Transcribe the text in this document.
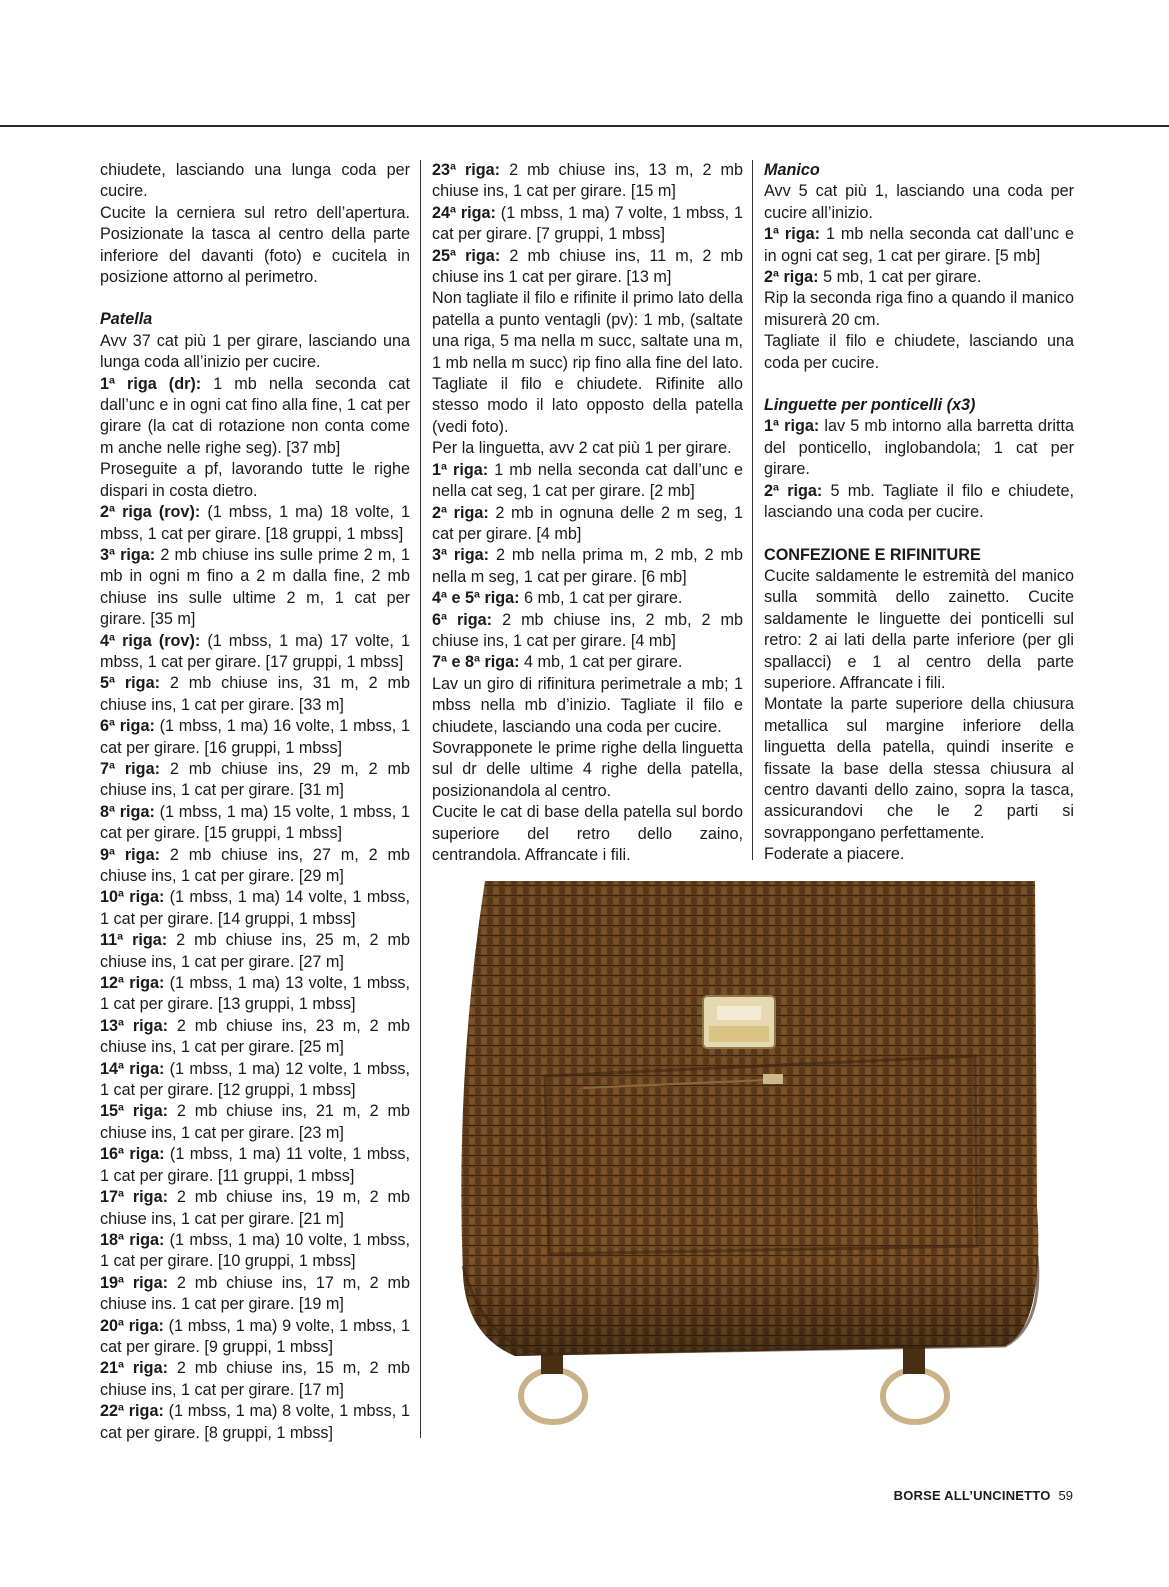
chiudete, lasciando una lunga coda per cucire.

Cucite la cerniera sul retro dell’apertura. Posizionate la tasca al centro della parte inferiore del davanti (foto) e cucitela in posizione attorno al perimetro.

Patella

Avv 37 cat più 1 per girare, lasciando una lunga coda all’inizio per cucire.

1ª riga (dr): 1 mb nella seconda cat dall’unc e in ogni cat fino alla fine, 1 cat per girare (la cat di rotazione non conta come m anche nelle righe seg). [37 mb]

Proseguite a pf, lavorando tutte le righe dispari in costa dietro.

2ª riga (rov): (1 mbss, 1 ma) 18 volte, 1 mbss, 1 cat per girare. [18 gruppi, 1 mbss]

3ª riga: 2 mb chiuse ins sulle prime 2 m, 1 mb in ogni m fino a 2 m dalla fine, 2 mb chiuse ins sulle ultime 2 m, 1 cat per girare. [35 m]

4ª riga (rov): (1 mbss, 1 ma) 17 volte, 1 mbss, 1 cat per girare. [17 gruppi, 1 mbss]

5ª riga: 2 mb chiuse ins, 31 m, 2 mb chiuse ins, 1 cat per girare. [33 m]

6ª riga: (1 mbss, 1 ma) 16 volte, 1 mbss, 1 cat per girare. [16 gruppi, 1 mbss]

7ª riga: 2 mb chiuse ins, 29 m, 2 mb chiuse ins, 1 cat per girare. [31 m]

8ª riga: (1 mbss, 1 ma) 15 volte, 1 mbss, 1 cat per girare. [15 gruppi, 1 mbss]

9ª riga: 2 mb chiuse ins, 27 m, 2 mb chiuse ins, 1 cat per girare. [29 m]

10ª riga: (1 mbss, 1 ma) 14 volte, 1 mbss, 1 cat per girare. [14 gruppi, 1 mbss]

11ª riga: 2 mb chiuse ins, 25 m, 2 mb chiuse ins, 1 cat per girare. [27 m]

12ª riga: (1 mbss, 1 ma) 13 volte, 1 mbss, 1 cat per girare. [13 gruppi, 1 mbss]

13ª riga: 2 mb chiuse ins, 23 m, 2 mb chiuse ins, 1 cat per girare. [25 m]

14ª riga: (1 mbss, 1 ma) 12 volte, 1 mbss, 1 cat per girare. [12 gruppi, 1 mbss]

15ª riga: 2 mb chiuse ins, 21 m, 2 mb chiuse ins, 1 cat per girare. [23 m]

16ª riga: (1 mbss, 1 ma) 11 volte, 1 mbss, 1 cat per girare. [11 gruppi, 1 mbss]

17ª riga: 2 mb chiuse ins, 19 m, 2 mb chiuse ins, 1 cat per girare. [21 m]

18ª riga: (1 mbss, 1 ma) 10 volte, 1 mbss, 1 cat per girare. [10 gruppi, 1 mbss]

19ª riga: 2 mb chiuse ins, 17 m, 2 mb chiuse ins. 1 cat per girare. [19 m]

20ª riga: (1 mbss, 1 ma) 9 volte, 1 mbss, 1 cat per girare. [9 gruppi, 1 mbss]

21ª riga: 2 mb chiuse ins, 15 m, 2 mb chiuse ins, 1 cat per girare. [17 m]

22ª riga: (1 mbss, 1 ma) 8 volte, 1 mbss, 1 cat per girare. [8 gruppi, 1 mbss]

23ª riga: 2 mb chiuse ins, 13 m, 2 mb chiuse ins, 1 cat per girare. [15 m]

24ª riga: (1 mbss, 1 ma) 7 volte, 1 mbss, 1 cat per girare. [7 gruppi, 1 mbss]

25ª riga: 2 mb chiuse ins, 11 m, 2 mb chiuse ins 1 cat per girare. [13 m]

Non tagliate il filo e rifinite il primo lato della patella a punto ventagli (pv): 1 mb, (saltate una riga, 5 ma nella m succ, saltate una m, 1 mb nella m succ) rip fino alla fine del lato. Tagliate il filo e chiudete. Rifinite allo stesso modo il lato opposto della patella (vedi foto).

Per la linguetta, avv 2 cat più 1 per girare.

1ª riga: 1 mb nella seconda cat dall’unc e nella cat seg, 1 cat per girare. [2 mb]

2ª riga: 2 mb in ognuna delle 2 m seg, 1 cat per girare. [4 mb]

3ª riga: 2 mb nella prima m, 2 mb, 2 mb nella m seg, 1 cat per girare. [6 mb]

4ª e 5ª riga: 6 mb, 1 cat per girare.

6ª riga: 2 mb chiuse ins, 2 mb, 2 mb chiuse ins, 1 cat per girare. [4 mb]

7ª e 8ª riga: 4 mb, 1 cat per girare.

Lav un giro di rifinitura perimetrale a mb; 1 mbss nella mb d’inizio. Tagliate il filo e chiudete, lasciando una coda per cucire.

Sovrapponete le prime righe della linguetta sul dr delle ultime 4 righe della patella, posizionandola al centro.

Cucite le cat di base della patella sul bordo superiore del retro dello zaino, centrandola. Affrancate i fili.

Manico

Avv 5 cat più 1, lasciando una coda per cucire all’inizio.

1ª riga: 1 mb nella seconda cat dall’unc e in ogni cat seg, 1 cat per girare. [5 mb]

2ª riga: 5 mb, 1 cat per girare.

Rip la seconda riga fino a quando il manico misurerà 20 cm.

Tagliate il filo e chiudete, lasciando una coda per cucire.

Linguette per ponticelli (x3)

1ª riga: lav 5 mb intorno alla barretta dritta del ponticello, inglobandola; 1 cat per girare.

2ª riga: 5 mb. Tagliate il filo e chiudete, lasciando una coda per cucire.

CONFEZIONE E RIFINITURE

Cucite saldamente le estremità del manico sulla sommità dello zainetto. Cucite saldamente le linguette dei ponticelli sul retro: 2 ai lati della parte inferiore (per gli spallacci) e 1 al centro della parte superiore. Affrancate i fili.

Montate la parte superiore della chiusura metallica sul margine inferiore della linguetta della patella, quindi inserite e fissate la base della stessa chiusura al centro davanti dello zaino, sopra la tasca, assicurandovi che le 2 parti si sovrappongano perfettamente.

Foderate a piacere.

BORSE ALL’UNCINETTO 59
